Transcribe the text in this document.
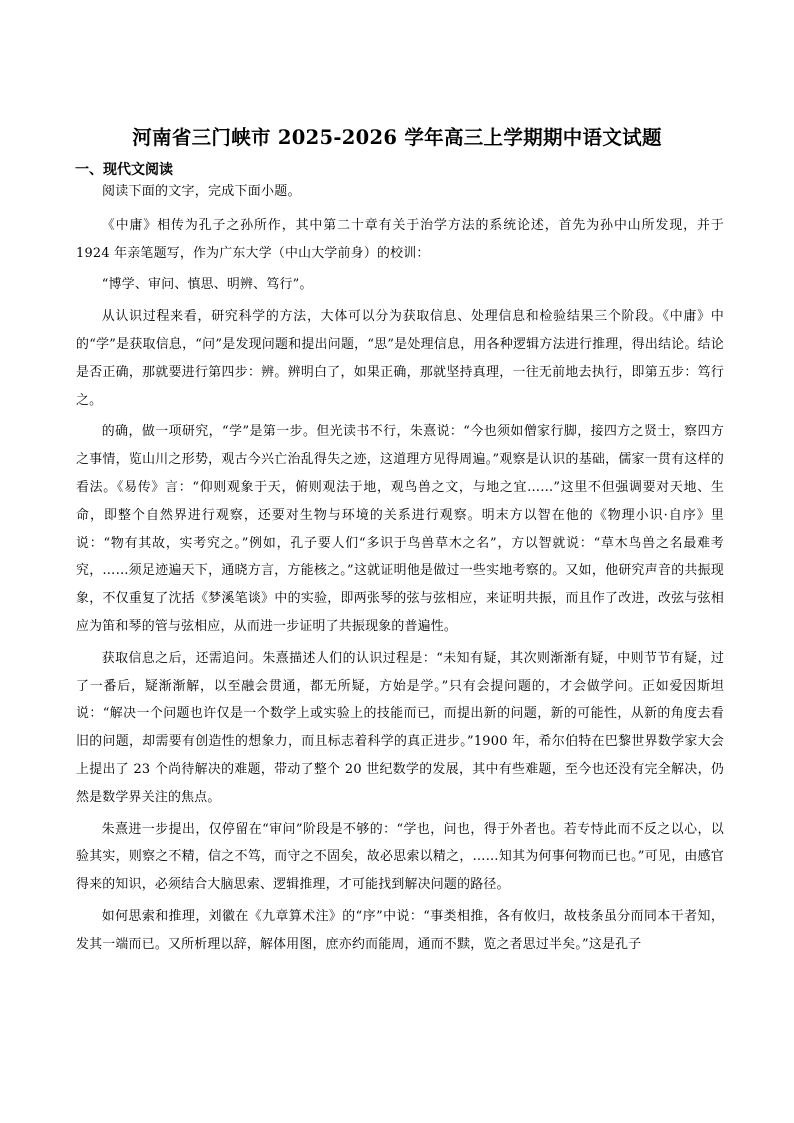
河南省三门峡市 2025-2026 学年高三上学期期中语文试题
一、现代文阅读

阅读下面的文字，完成下面小题。

《中庸》相传为孔子之孙所作，其中第二十章有关于治学方法的系统论述，首先为孙中山所发现，并于 1924 年亲笔题写，作为广东大学（中山大学前身）的校训：

“博学、审问、慎思、明辨、笃行”。

从认识过程来看，研究科学的方法，大体可以分为获取信息、处理信息和检验结果三个阶段。《中庸》中的“学”是获取信息，“问”是发现问题和提出问题，“思”是处理信息，用各种逻辑方法进行推理，得出结论。结论是否正确，那就要进行第四步：辨。辨明白了，如果正确，那就坚持真理，一往无前地去执行，即第五步：笃行之。

的确，做一项研究，“学”是第一步。但光读书不行，朱熹说：“今也须如僧家行脚，接四方之贤士，察四方之事情，览山川之形势，观古今兴亡治乱得失之迹，这道理方见得周遍。”观察是认识的基础，儒家一贯有这样的看法。《易传》言：“仰则观象于天，俯则观法于地，观鸟兽之文，与地之宜……”这里不但强调要对天地、生命，即整个自然界进行观察，还要对生物与环境的关系进行观察。明末方以智在他的《物理小识·自序》里说：“物有其故，实考究之。”例如，孔子要人们“多识于鸟兽草木之名”，方以智就说：“草木鸟兽之名最难考究，……须足迹遍天下，通晓方言，方能核之。”这就证明他是做过一些实地考察的。又如，他研究声音的共振现象，不仅重复了沈括《梦溪笔谈》中的实验，即两张琴的弦与弦相应，来证明共振，而且作了改进，改弦与弦相应为笛和琴的管与弦相应，从而进一步证明了共振现象的普遍性。

获取信息之后，还需追问。朱熹描述人们的认识过程是：“未知有疑，其次则渐渐有疑，中则节节有疑，过了一番后，疑渐渐解，以至融会贯通，都无所疑，方始是学。”只有会提问题的，才会做学问。正如爱因斯坦说：“解决一个问题也许仅是一个数学上或实验上的技能而已，而提出新的问题，新的可能性，从新的角度去看旧的问题，却需要有创造性的想象力，而且标志着科学的真正进步。”1900 年，希尔伯特在巴黎世界数学家大会上提出了 23 个尚待解决的难题，带动了整个 20 世纪数学的发展，其中有些难题，至今也还没有完全解决，仍然是数学界关注的焦点。

朱熹进一步提出，仅停留在“审问”阶段是不够的：“学也，问也，得于外者也。若专恃此而不反之以心，以验其实，则察之不精，信之不笃，而守之不固矣，故必思索以精之，……知其为何事何物而已也。”可见，由感官得来的知识，必须结合大脑思索、逻辑推理，才可能找到解决问题的路径。

如何思索和推理，刘徽在《九章算术注》的“序”中说：“事类相推，各有攸归，故枝条虽分而同本干者知，发其一端而已。又所析理以辞，解体用图，庶亦约而能周，通而不黩，览之者思过半矣。”这是孔子
